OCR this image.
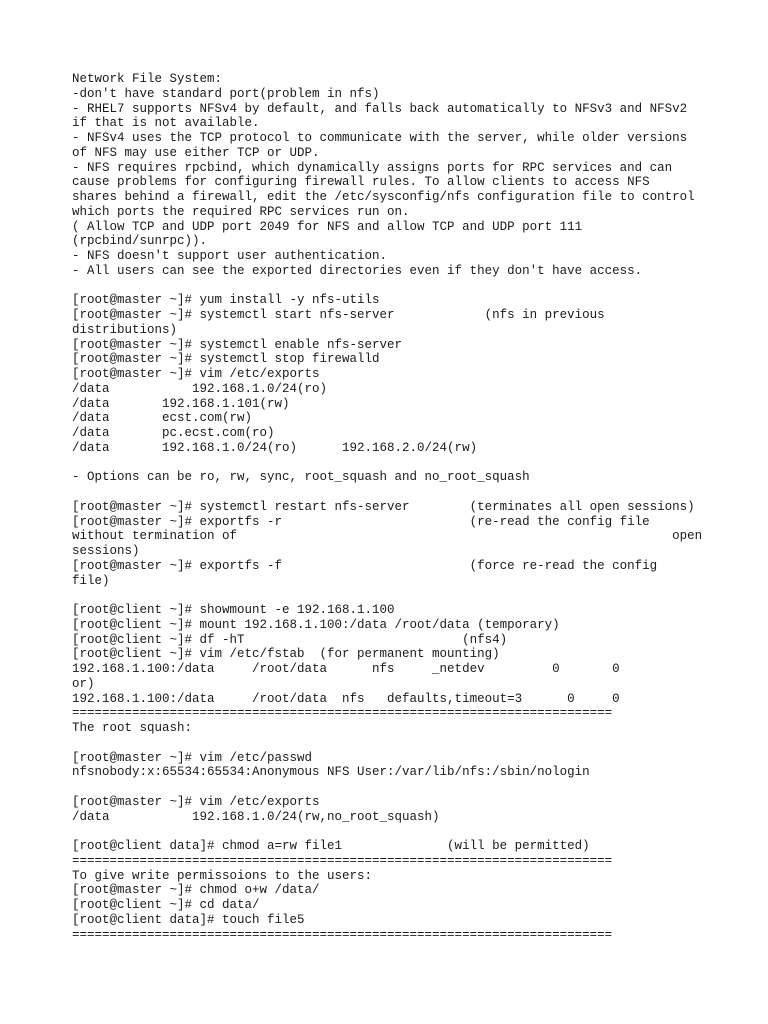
Network File System:
-don't have standard port(problem in nfs)
- RHEL7 supports NFSv4 by default, and falls back automatically to NFSv3 and NFSv2
if that is not available.
- NFSv4 uses the TCP protocol to communicate with the server, while older versions
of NFS may use either TCP or UDP.
- NFS requires rpcbind, which dynamically assigns ports for RPC services and can
cause problems for configuring firewall rules. To allow clients to access NFS
shares behind a firewall, edit the /etc/sysconfig/nfs configuration file to control
which ports the required RPC services run on.
( Allow TCP and UDP port 2049 for NFS and allow TCP and UDP port 111
(rpcbind/sunrpc)).
- NFS doesn't support user authentication.
- All users can see the exported directories even if they don't have access.
[root@master ~]# yum install -y nfs-utils
[root@master ~]# systemctl start nfs-server            (nfs in previous
distributions)
[root@master ~]# systemctl enable nfs-server
[root@master ~]# systemctl stop firewalld
[root@master ~]# vim /etc/exports
/data           192.168.1.0/24(ro)
/data       192.168.1.101(rw)
/data       ecst.com(rw)
/data       pc.ecst.com(ro)
/data       192.168.1.0/24(ro)      192.168.2.0/24(rw)
- Options can be ro, rw, sync, root_squash and no_root_squash
[root@master ~]# systemctl restart nfs-server        (terminates all open sessions)
[root@master ~]# exportfs -r                         (re-read the config file
without termination of                                                          open
sessions)
[root@master ~]# exportfs -f                         (force re-read the config
file)
[root@client ~]# showmount -e 192.168.1.100
[root@client ~]# mount 192.168.1.100:/data /root/data (temporary)
[root@client ~]# df -hT                             (nfs4)
[root@client ~]# vim /etc/fstab  (for permanent mounting)
192.168.1.100:/data     /root/data      nfs     _netdev         0       0
or)
192.168.1.100:/data     /root/data  nfs   defaults,timeout=3      0     0
========================================================================
The root squash:
[root@master ~]# vim /etc/passwd
nfsnobody:x:65534:65534:Anonymous NFS User:/var/lib/nfs:/sbin/nologin
[root@master ~]# vim /etc/exports
/data           192.168.1.0/24(rw,no_root_squash)
[root@client data]# chmod a=rw file1              (will be permitted)
========================================================================
To give write permissoions to the users:
[root@master ~]# chmod o+w /data/
[root@client ~]# cd data/
[root@client data]# touch file5
========================================================================
